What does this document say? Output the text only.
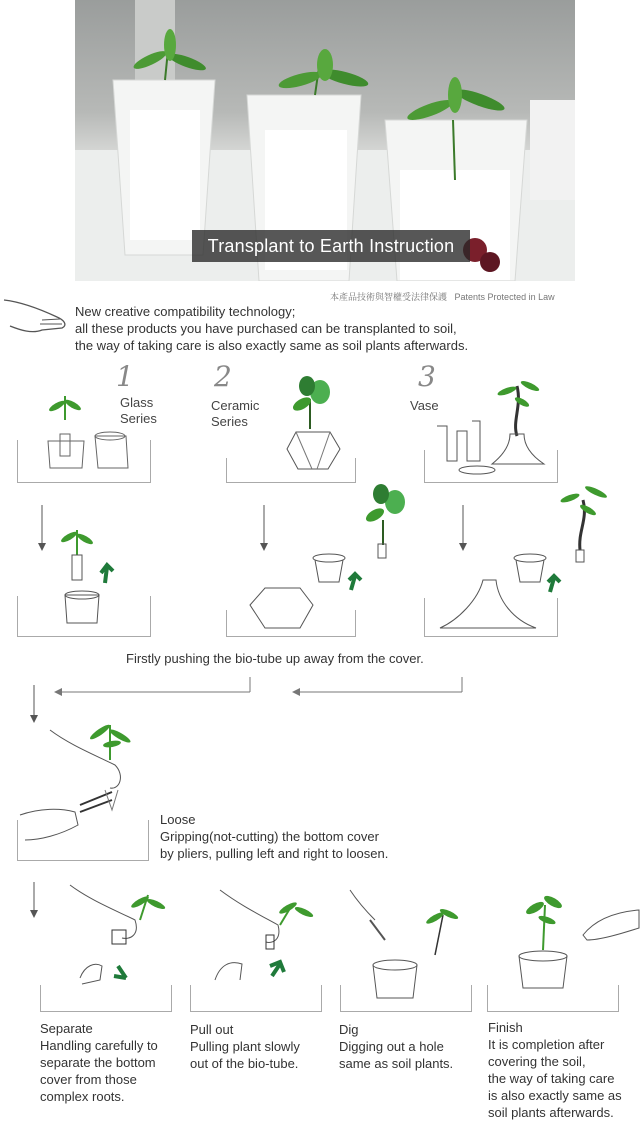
Transplant to Earth Instruction
本產品技術與智權受法律保護 Patents Protected in Law
New creative compatibility technology;
all these products you have purchased can be transplanted to soil,
the way of taking care is also exactly same as soil plants afterwards.
1
Glass
Series
2
Ceramic
Series
3
Vase
Firstly pushing the bio-tube up away from the cover.
Loose
Gripping(not-cutting) the bottom cover
by pliers, pulling left and right to loosen.
Separate
Handling carefully to
separate the bottom
cover from those
complex roots.
Pull out
Pulling plant slowly
out of the bio-tube.
Dig
Digging out a hole
same as soil plants.
Finish
It is completion after
covering the soil,
the way of taking care
is also exactly same as
soil plants afterwards.
